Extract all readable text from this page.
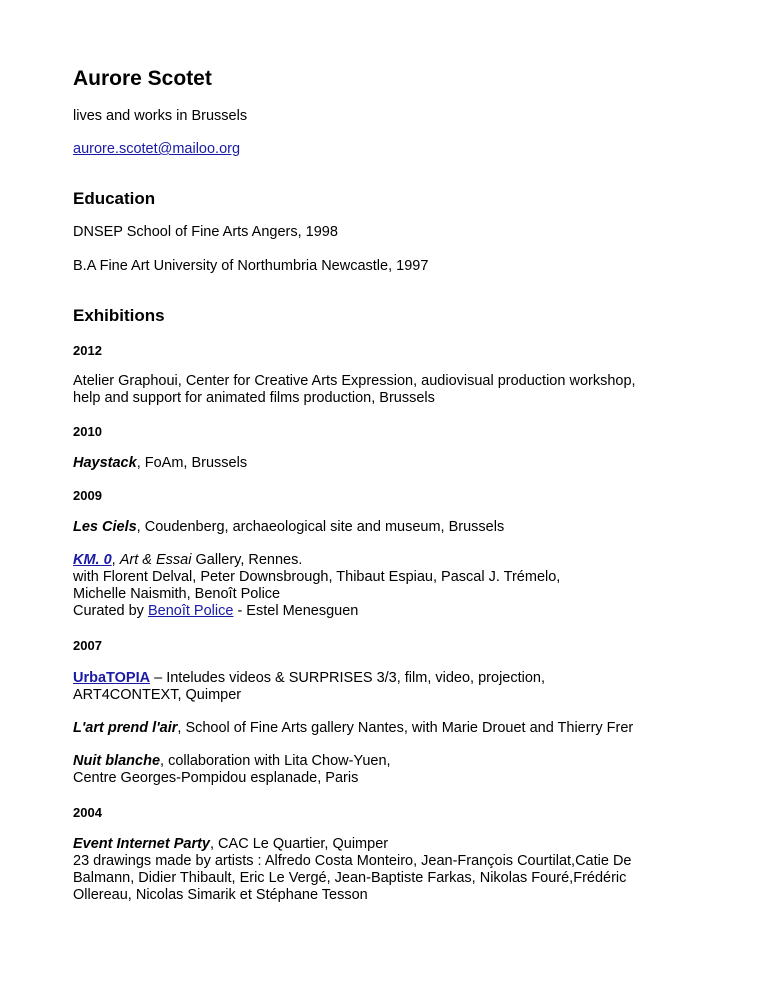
Aurore Scotet
lives and works in Brussels
aurore.scotet@mailoo.org
Education
DNSEP School of Fine Arts Angers, 1998
B.A Fine Art University of Northumbria Newcastle, 1997
Exhibitions
2012
Atelier Graphoui, Center for Creative Arts Expression, audiovisual production workshop,
help and support for animated films production, Brussels
2010
Haystack, FoAm, Brussels
2009
Les Ciels, Coudenberg, archaeological site and museum, Brussels
KM. 0, Art & Essai Gallery, Rennes.
with Florent Delval, Peter Downsbrough, Thibaut Espiau, Pascal J. Trémelo,
Michelle Naismith, Benoît Police
Curated by Benoît Police - Estel Menesguen
2007
UrbaTOPIA – Inteludes videos & SURPRISES 3/3, film, video, projection,
ART4CONTEXT, Quimper
L'art prend l'air, School of Fine Arts gallery Nantes, with Marie Drouet and Thierry Frer
Nuit blanche, collaboration with Lita Chow-Yuen,
Centre Georges-Pompidou esplanade, Paris
2004
Event Internet Party, CAC Le Quartier, Quimper
23 drawings made by artists : Alfredo Costa Monteiro, Jean-François Courtilat,Catie De
Balmann, Didier Thibault, Eric Le Vergé, Jean-Baptiste Farkas, Nikolas Fouré,Frédéric
Ollereau, Nicolas Simarik et Stéphane Tesson
